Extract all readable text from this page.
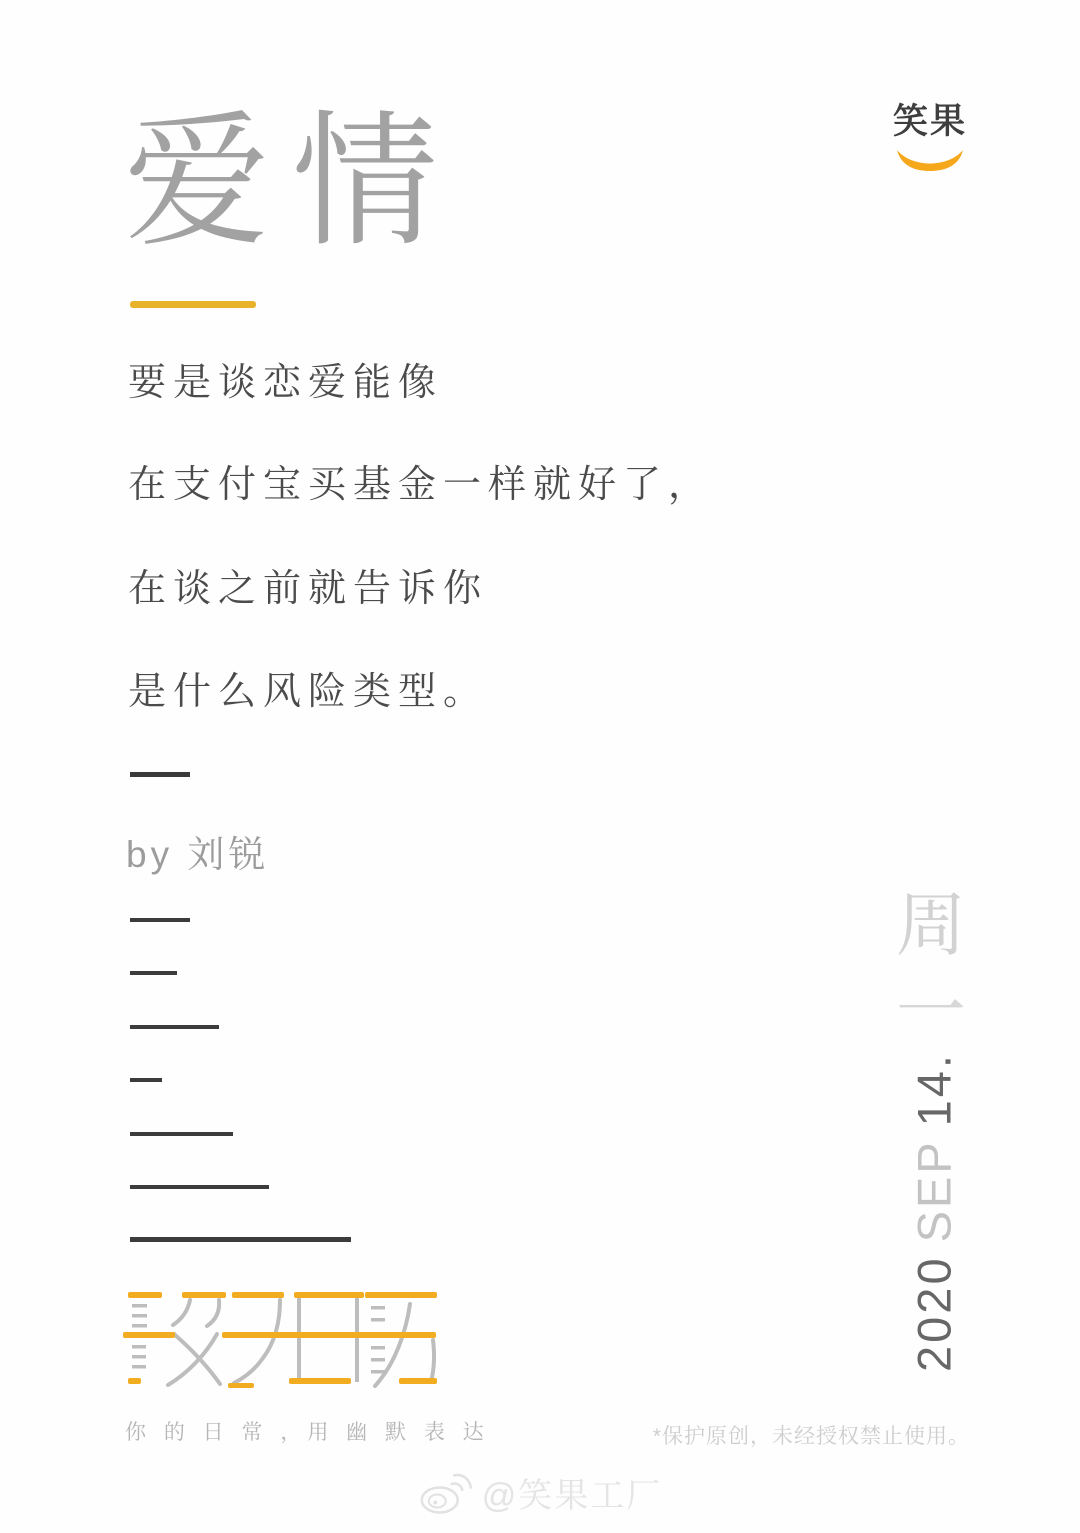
爱情	笑果
要是谈恋爱能像
在支付宝买基金一样就好了，
在谈之前就告诉你
是什么风险类型。
by 刘锐
你 的 日 常 ，用 幽 默 表 达
周
一
2020SEP14.
*保护原创，未经授权禁止使用。
@笑果工厂
